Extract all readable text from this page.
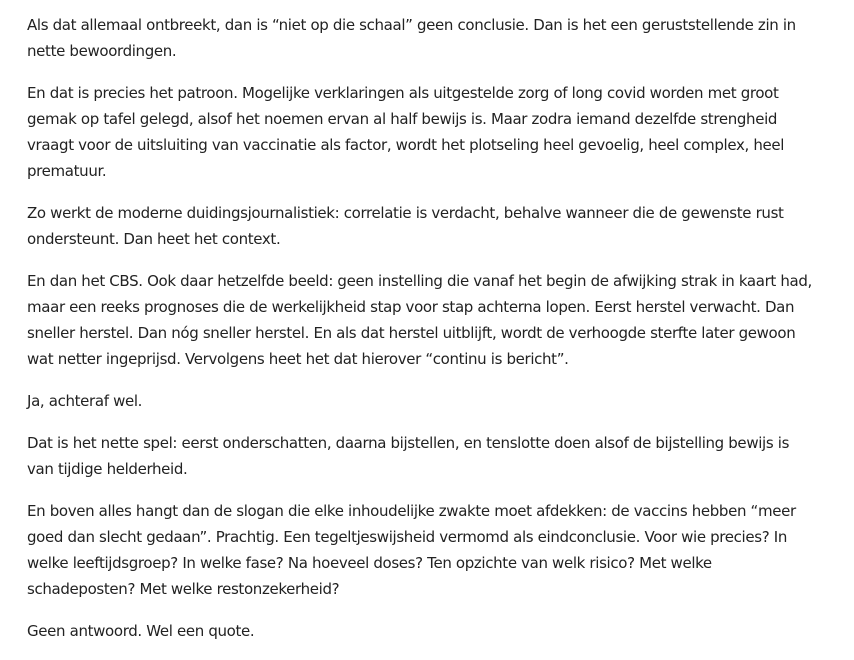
Als dat allemaal ontbreekt, dan is “niet op die schaal” geen conclusie. Dan is het een geruststellende zin in nette bewoordingen.

En dat is precies het patroon. Mogelijke verklaringen als uitgestelde zorg of long covid worden met groot gemak op tafel gelegd, alsof het noemen ervan al half bewijs is. Maar zodra iemand dezelfde strengheid vraagt voor de uitsluiting van vaccinatie als factor, wordt het plotseling heel gevoelig, heel complex, heel prematuur.

Zo werkt de moderne duidingsjournalistiek: correlatie is verdacht, behalve wanneer die de gewenste rust ondersteunt. Dan heet het context.

En dan het CBS. Ook daar hetzelfde beeld: geen instelling die vanaf het begin de afwijking strak in kaart had, maar een reeks prognoses die de werkelijkheid stap voor stap achterna lopen. Eerst herstel verwacht. Dan sneller herstel. Dan nóg sneller herstel. En als dat herstel uitblijft, wordt de verhoogde sterfte later gewoon wat netter ingeprijsd. Vervolgens heet het dat hierover “continu is bericht”.

Ja, achteraf wel.

Dat is het nette spel: eerst onderschatten, daarna bijstellen, en tenslotte doen alsof de bijstelling bewijs is van tijdige helderheid.

En boven alles hangt dan de slogan die elke inhoudelijke zwakte moet afdekken: de vaccins hebben “meer goed dan slecht gedaan”. Prachtig. Een tegeltjeswijsheid vermomd als eindconclusie. Voor wie precies? In welke leeftijdsgroep? In welke fase? Na hoeveel doses? Ten opzichte van welk risico? Met welke schadeposten? Met welke restonzekerheid?

Geen antwoord. Wel een quote.
